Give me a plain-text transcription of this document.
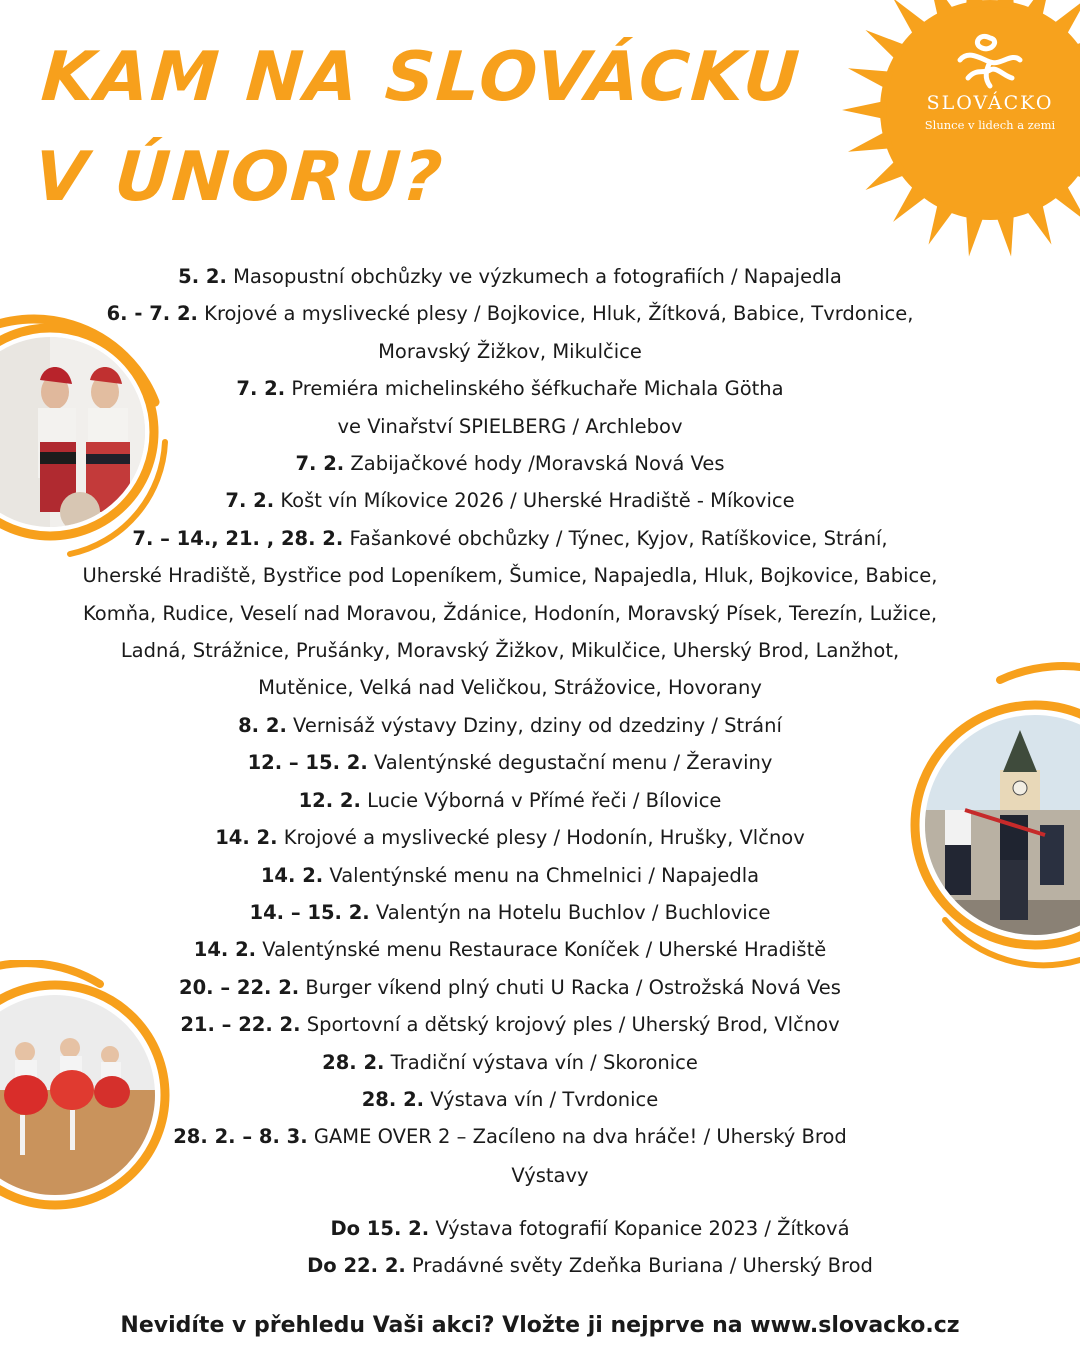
KAM NA SLOVÁCKU
V ÚNORU?
SLOVÁCKO
Slunce v lidech a zemi
5. 2. Masopustní obchůzky ve výzkumech a fotografiích / Napajedla
6. - 7. 2. Krojové a myslivecké plesy / Bojkovice, Hluk, Žítková, Babice, Tvrdonice,
Moravský Žižkov, Mikulčice
7. 2. Premiéra michelinského šéfkuchaře Michala Götha
ve Vinařství SPIELBERG / Archlebov
7. 2. Zabijačkové hody /Moravská Nová Ves
7. 2. Košt vín Míkovice 2026 / Uherské Hradiště - Míkovice
7. – 14., 21. , 28. 2. Fašankové obchůzky / Týnec, Kyjov, Ratíškovice, Strání,
Uherské Hradiště, Bystřice pod Lopeníkem, Šumice, Napajedla, Hluk, Bojkovice, Babice,
Komňa, Rudice, Veselí nad Moravou, Ždánice, Hodonín, Moravský Písek, Terezín, Lužice,
Ladná, Strážnice, Prušánky, Moravský Žižkov, Mikulčice, Uherský Brod, Lanžhot,
Mutěnice, Velká nad Veličkou, Strážovice, Hovorany
8. 2. Vernisáž výstavy Dziny, dziny od dzedziny / Strání
12. – 15. 2. Valentýnské degustační menu / Žeraviny
12. 2. Lucie Výborná v Přímé řeči / Bílovice
14. 2. Krojové a myslivecké plesy / Hodonín, Hrušky, Vlčnov
14. 2. Valentýnské menu na Chmelnici / Napajedla
14. – 15. 2. Valentýn na Hotelu Buchlov / Buchlovice
14. 2. Valentýnské menu Restaurace Koníček / Uherské Hradiště
20. – 22. 2. Burger víkend plný chuti U Racka / Ostrožská Nová Ves
21. – 22. 2. Sportovní a dětský krojový ples / Uherský Brod, Vlčnov
28. 2. Tradiční výstava vín / Skoronice
28. 2. Výstava vín / Tvrdonice
28. 2. – 8. 3. GAME OVER 2 – Zacíleno na dva hráče! / Uherský Brod
Výstavy
Do 15. 2. Výstava fotografií Kopanice 2023 / Žítková
Do 22. 2. Pradávné světy Zdeňka Buriana / Uherský Brod
Nevidíte v přehledu Vaši akci? Vložte ji nejprve na www.slovacko.cz
